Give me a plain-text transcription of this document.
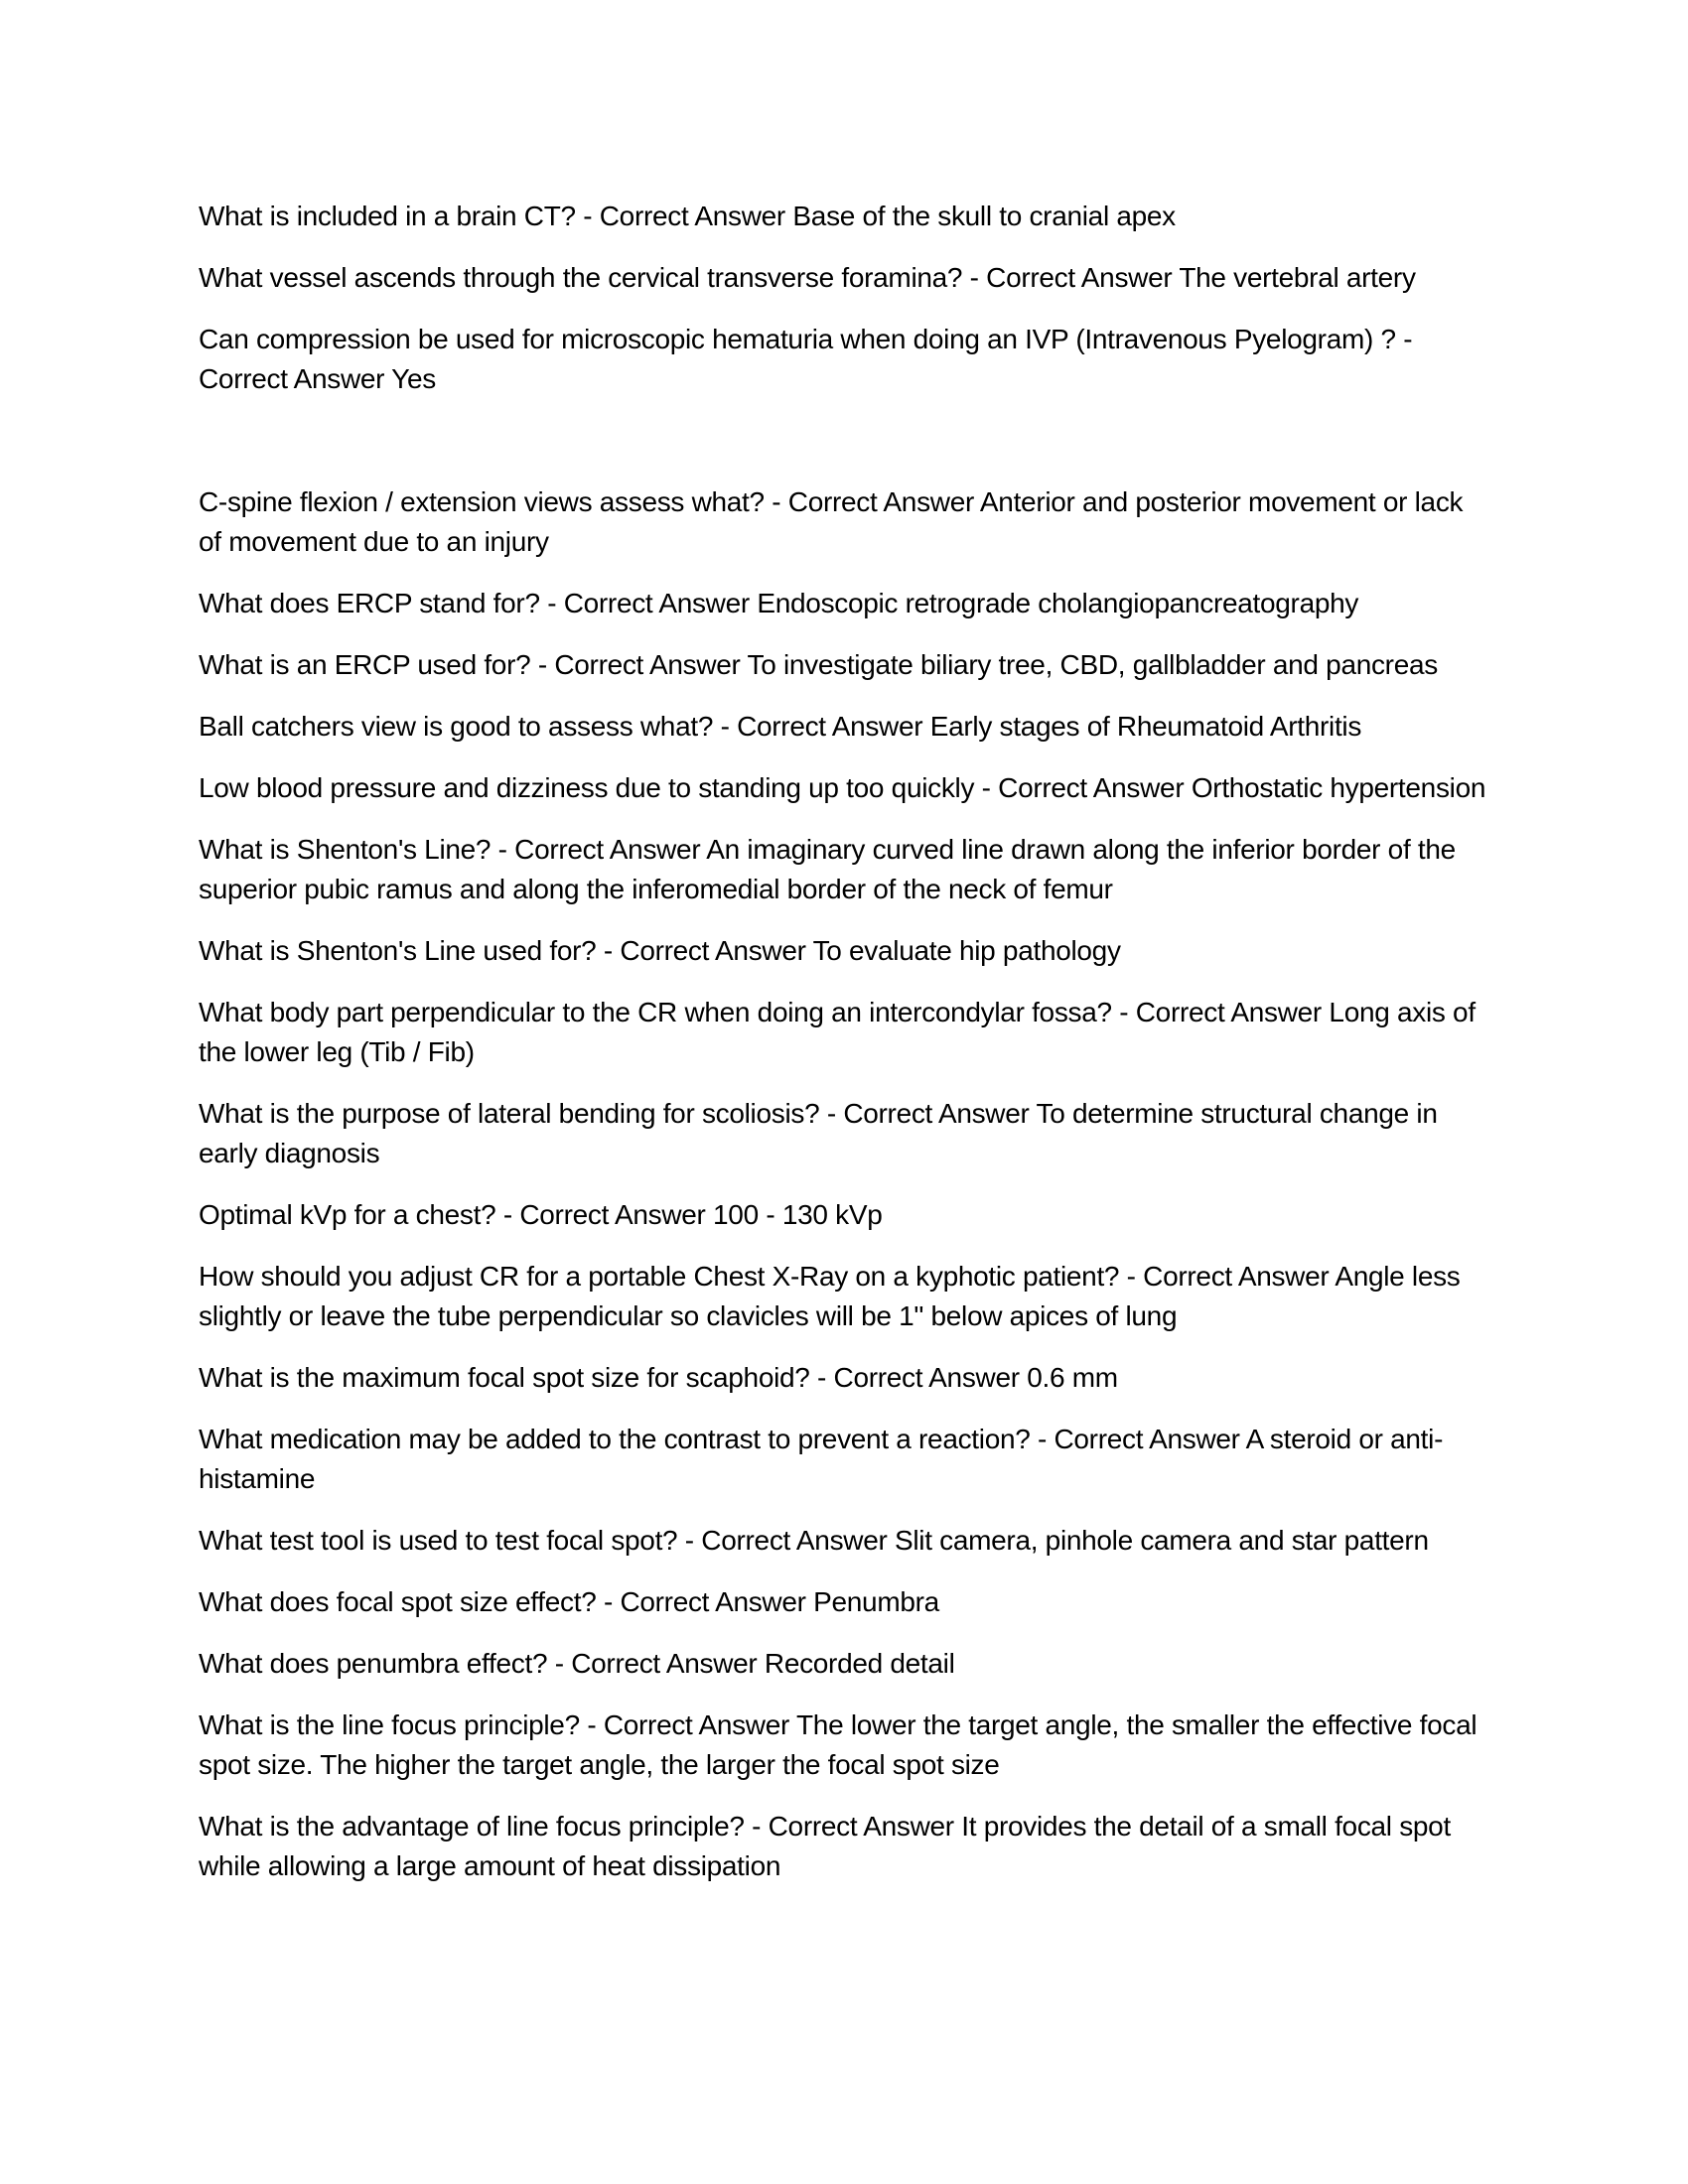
What is included in a brain CT? - Correct Answer Base of the skull to cranial apex

What vessel ascends through the cervical transverse foramina? - Correct Answer The vertebral artery

Can compression be used for microscopic hematuria when doing an IVP (Intravenous Pyelogram) ? - Correct Answer Yes

C-spine flexion / extension views assess what? - Correct Answer Anterior and posterior movement or lack of movement due to an injury

What does ERCP stand for? - Correct Answer Endoscopic retrograde cholangiopancreatography

What is an ERCP used for? - Correct Answer To investigate biliary tree, CBD, gallbladder and pancreas

Ball catchers view is good to assess what? - Correct Answer Early stages of Rheumatoid Arthritis

Low blood pressure and dizziness due to standing up too quickly - Correct Answer Orthostatic hypertension

What is Shenton's Line? - Correct Answer An imaginary curved line drawn along the inferior border of the superior pubic ramus and along the inferomedial border of the neck of femur

What is Shenton's Line used for? - Correct Answer To evaluate hip pathology

What body part perpendicular to the CR when doing an intercondylar fossa? - Correct Answer Long axis of the lower leg (Tib / Fib)

What is the purpose of lateral bending for scoliosis? - Correct Answer To determine structural change in early diagnosis

Optimal kVp for a chest? - Correct Answer 100 - 130 kVp

How should you adjust CR for a portable Chest X-Ray on a kyphotic patient? - Correct Answer Angle less slightly or leave the tube perpendicular so clavicles will be 1" below apices of lung

What is the maximum focal spot size for scaphoid? - Correct Answer 0.6 mm

What medication may be added to the contrast to prevent a reaction? - Correct Answer A steroid or anti-histamine

What test tool is used to test focal spot? - Correct Answer Slit camera, pinhole camera and star pattern

What does focal spot size effect? - Correct Answer Penumbra

What does penumbra effect? - Correct Answer Recorded detail

What is the line focus principle? - Correct Answer The lower the target angle, the smaller the effective focal spot size. The higher the target angle, the larger the focal spot size

What is the advantage of line focus principle? - Correct Answer It provides the detail of a small focal spot while allowing a large amount of heat dissipation
